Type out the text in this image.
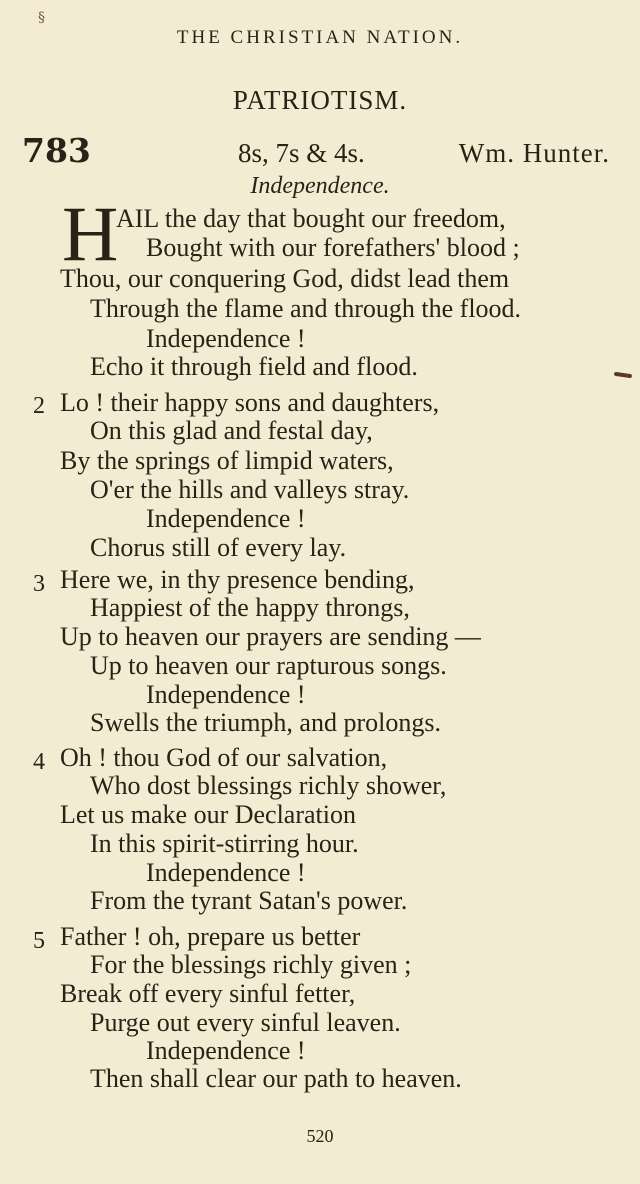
§
THE CHRISTIAN NATION.
PATRIOTISM.
783	8s, 7s & 4s.	Wm. Hunter.
Independence.
H
AIL the day that bought our freedom,
Bought with our forefathers' blood ;
Thou, our conquering God, didst lead them
Through the flame and through the flood.
Independence !
Echo it through field and flood.
2 Lo ! their happy sons and daughters,
On this glad and festal day,
By the springs of limpid waters,
O'er the hills and valleys stray.
Independence !
Chorus still of every lay.
3 Here we, in thy presence bending,
Happiest of the happy throngs,
Up to heaven our prayers are sending —
Up to heaven our rapturous songs.
Independence !
Swells the triumph, and prolongs.
4 Oh ! thou God of our salvation,
Who dost blessings richly shower,
Let us make our Declaration
In this spirit-stirring hour.
Independence !
From the tyrant Satan's power.
5 Father ! oh, prepare us better
For the blessings richly given ;
Break off every sinful fetter,
Purge out every sinful leaven.
Independence !
Then shall clear our path to heaven.
520
